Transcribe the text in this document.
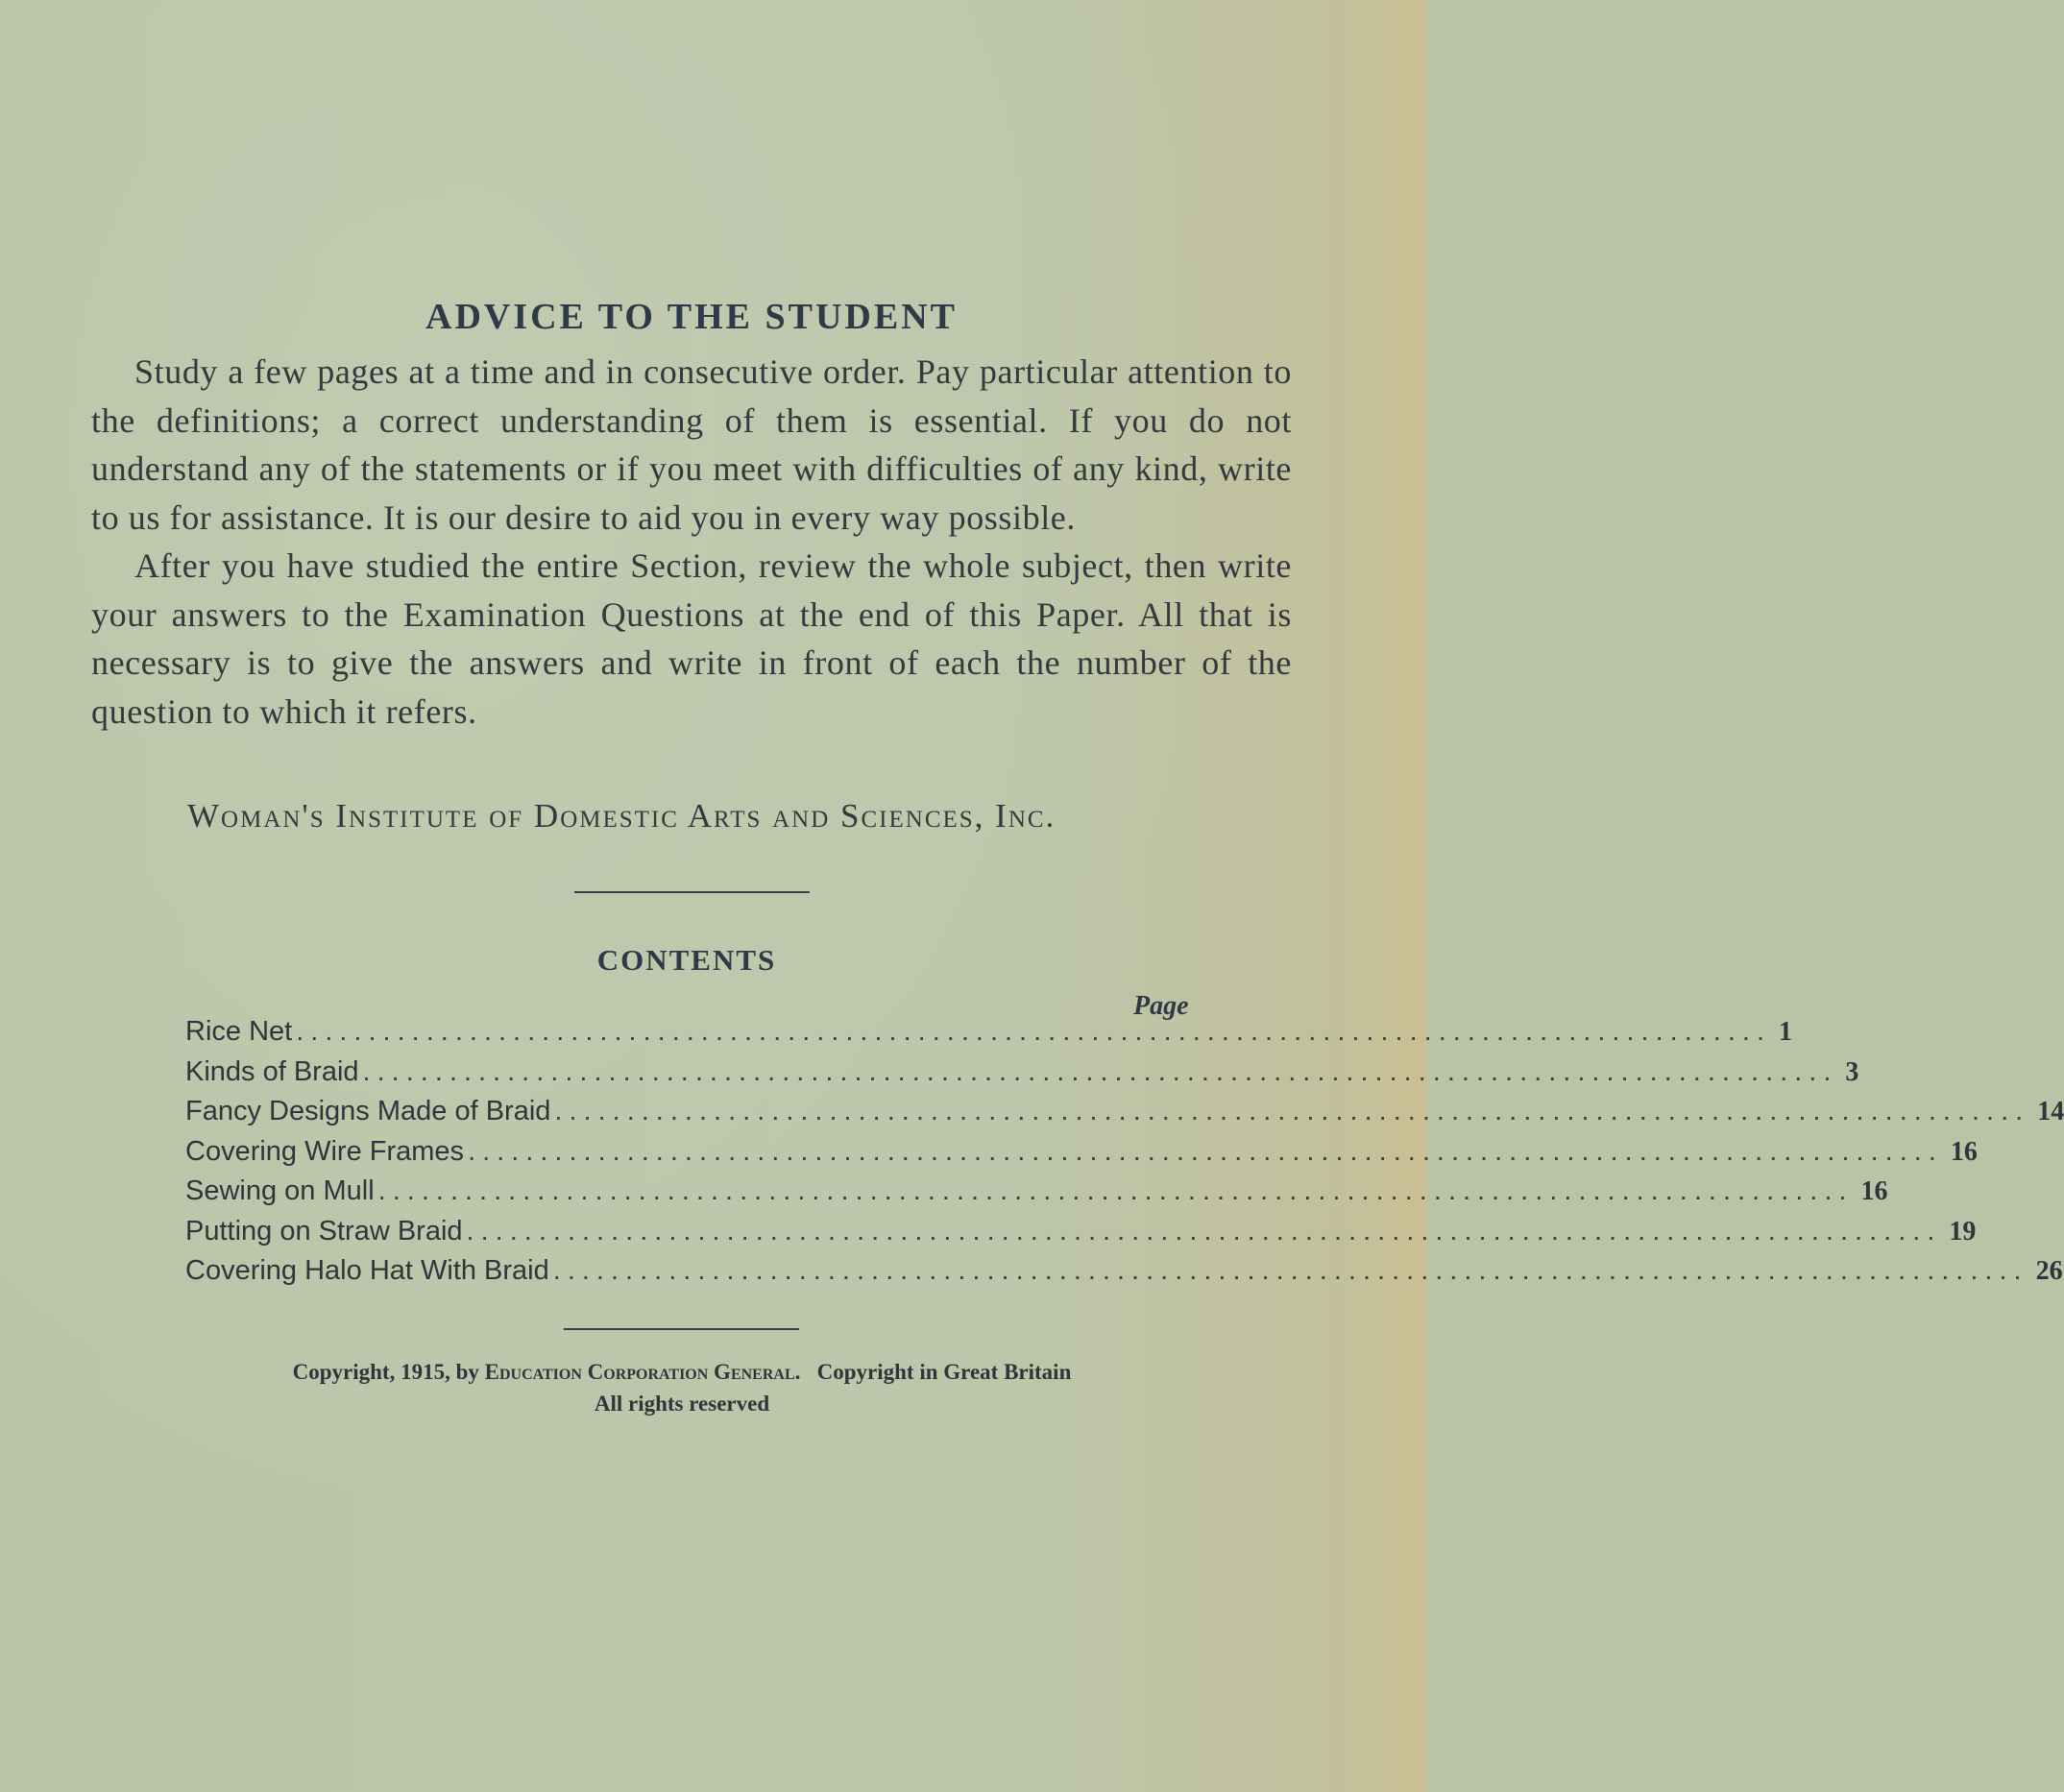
ADVICE TO THE STUDENT

Study a few pages at a time and in consecutive order. Pay particular attention to the definitions; a correct understanding of them is essential. If you do not understand any of the statements or if you meet with difficulties of any kind, write to us for assistance. It is our desire to aid you in every way possible.

After you have studied the entire Section, review the whole subject, then write your answers to the Examination Questions at the end of this Paper. All that is necessary is to give the answers and write in front of each the number of the question to which it refers.

Woman's Institute of Domestic Arts and Sciences, Inc.
CONTENTS
Page
Rice Net ...................................................................................................... 1
Kinds of Braid ...................................................................................................... 3
Fancy Designs Made of Braid ...................................................................................................... 14
Covering Wire Frames ...................................................................................................... 16
Sewing on Mull ...................................................................................................... 16
Putting on Straw Braid ...................................................................................................... 19
Covering Halo Hat With Braid ...................................................................................................... 26
Copyright, 1915, by Education Corporation General. Copyright in Great Britain
All rights reserved
